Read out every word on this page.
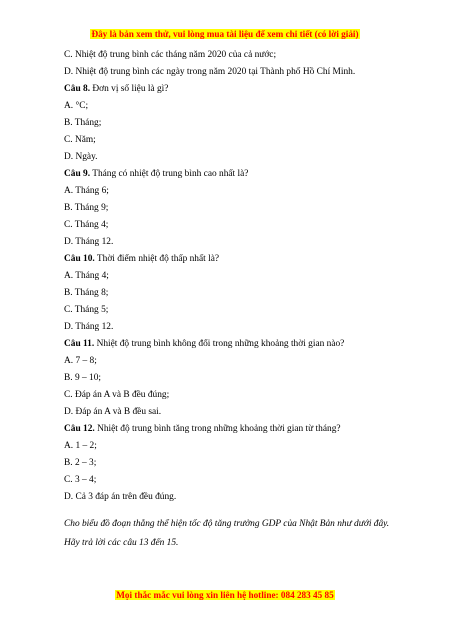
Đây là bản xem thử, vui lòng mua tài liệu để xem chi tiết (có lời giải)
C. Nhiệt độ trung bình các tháng năm 2020 của cả nước;
D. Nhiệt độ trung bình các ngày trong năm 2020 tại Thành phố Hồ Chí Minh.
Câu 8. Đơn vị số liệu là gì?
A. °C;
B. Tháng;
C. Năm;
D. Ngày.
Câu 9. Tháng có nhiệt độ trung bình cao nhất là?
A. Tháng 6;
B. Tháng 9;
C. Tháng 4;
D. Tháng 12.
Câu 10. Thời điểm nhiệt độ thấp nhất là?
A. Tháng 4;
B. Tháng 8;
C. Tháng 5;
D. Tháng 12.
Câu 11. Nhiệt độ trung bình không đổi trong những khoảng thời gian nào?
A. 7 – 8;
B. 9 – 10;
C. Đáp án A và B đều đúng;
D. Đáp án A và B đều sai.
Câu 12. Nhiệt độ trung bình tăng trong những khoảng thời gian từ tháng?
A. 1 – 2;
B. 2 – 3;
C. 3 – 4;
D. Cả 3 đáp án trên đều đúng.
Cho biểu đồ đoạn thẳng thể hiện tốc độ tăng trưởng GDP của Nhật Bản như dưới đây. Hãy trả lời các câu 13 đến 15.
Mọi thắc mắc vui lòng xin liên hệ hotline: 084 283 45 85
